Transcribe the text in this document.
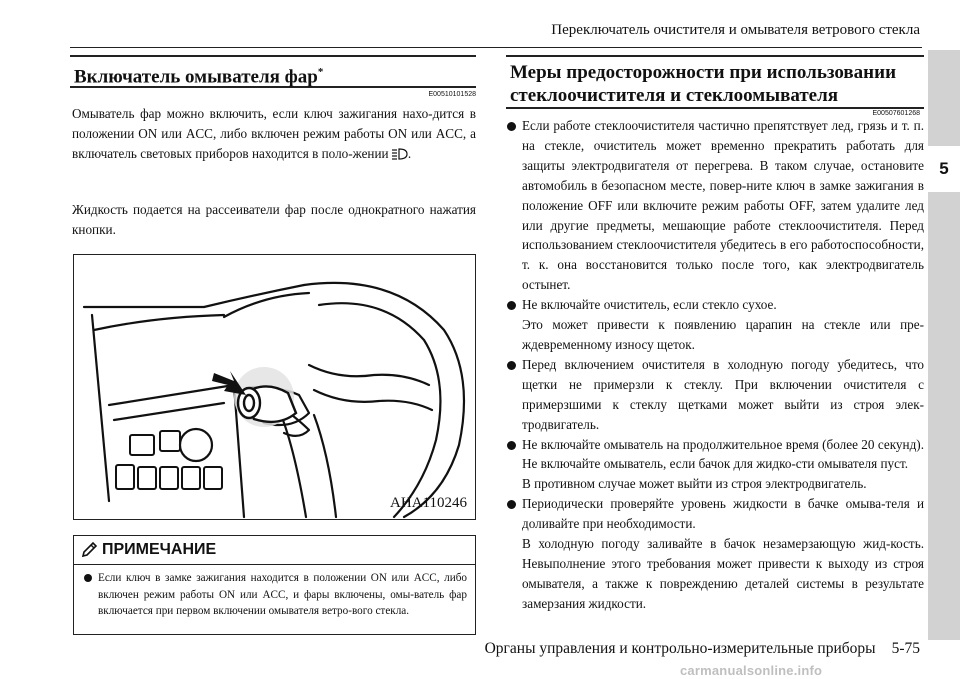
Переключатель очистителя и омывателя ветрового стекла
5
Включатель омывателя фар*
E00510101528

Омыватель фар можно включить, если ключ зажигания нахо-дится в положении ON или ACC, либо включен режим работы ON или ACC, а включатель световых приборов находится в поло-жении .

Жидкость подается на рассеиватели фар после однократного нажатия кнопки.

AHA110246
ПРИМЕЧАНИЕ
Если ключ в замке зажигания находится в положении ON или ACC, либо включен режим работы ON или ACC, и фары включены, омы-ватель фар включается при первом включении омывателя ветро-вого стекла.
Меры предосторожности при использовании
стеклоочистителя и стеклоомывателя
E00507601268

Если работе стеклоочистителя частично препятствует лед, грязь и т. п. на стекле, очиститель может временно прекратить работать для защиты электродвигателя от перегрева. В таком случае, остановите автомобиль в безопасном месте, повер-ните ключ в замке зажигания в положение OFF или включите режим работы OFF, затем удалите лед или другие предметы, мешающие работе стеклоочистителя. Перед использованием стеклоочистителя убедитесь в его работоспособности, т. к. она восстановится только после того, как электродвигатель остынет.

Не включайте очиститель, если стекло сухое.

Это может привести к появлению царапин на стекле или пре-ждевременному износу щеток.

Перед включением очистителя в холодную погоду убедитесь, что щетки не примерзли к стеклу. При включении очистителя с примерзшими к стеклу щетками может выйти из строя элек-тродвигатель.

Не включайте омыватель на продолжительное время (более 20 секунд). Не включайте омыватель, если бачок для жидко-сти омывателя пуст.

В противном случае может выйти из строя электродвигатель.

Периодически проверяйте уровень жидкости в бачке омыва-теля и доливайте при необходимости.

В холодную погоду заливайте в бачок незамерзающую жид-кость. Невыполнение этого требования может привести к выходу из строя омывателя, а также к повреждению деталей системы в результате замерзания жидкости.

Органы управления и контрольно-измерительные приборы 5-75
carmanualsonline.info
